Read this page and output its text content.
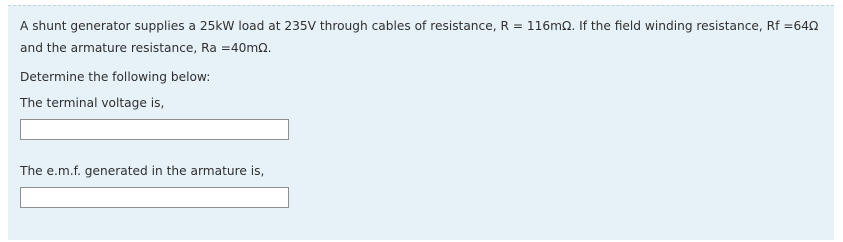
A shunt generator supplies a 25kW load at 235V through cables of resistance, R = 116mΩ. If the field winding resistance, Rf =64Ω
and the armature resistance, Ra =40mΩ.
Determine the following below:
The terminal voltage is,
The e.m.f. generated in the armature is,
